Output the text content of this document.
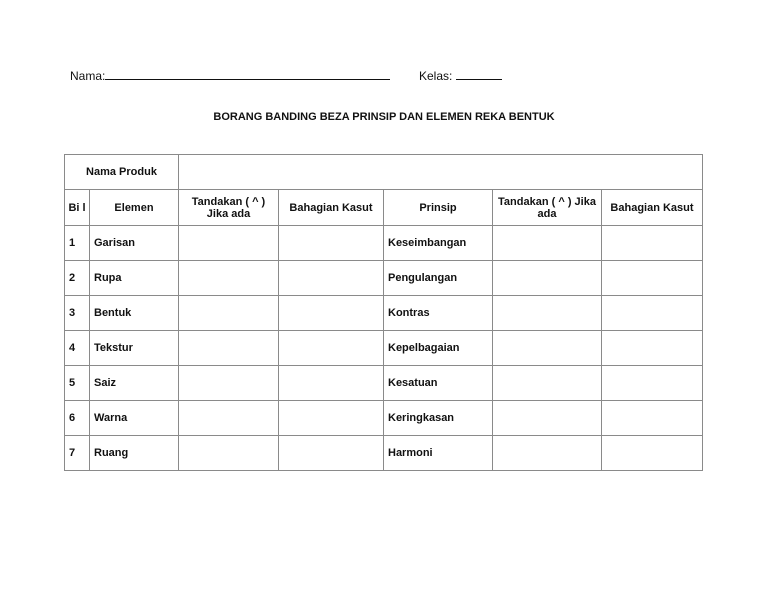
Nama:	Kelas:
BORANG BANDING BEZA PRINSIP DAN ELEMEN REKA BENTUK
Nama Produk						
Bi l	Elemen	Tandakan ( ^ ) Jika ada	Bahagian Kasut	Prinsip	Tandakan ( ^ ) Jika ada	Bahagian Kasut
1	Garisan			Keseimbangan		
2	Rupa			Pengulangan		
3	Bentuk			Kontras		
4	Tekstur			Kepelbagaian		
5	Saiz			Kesatuan		
6	Warna			Keringkasan		
7	Ruang			Harmoni		
